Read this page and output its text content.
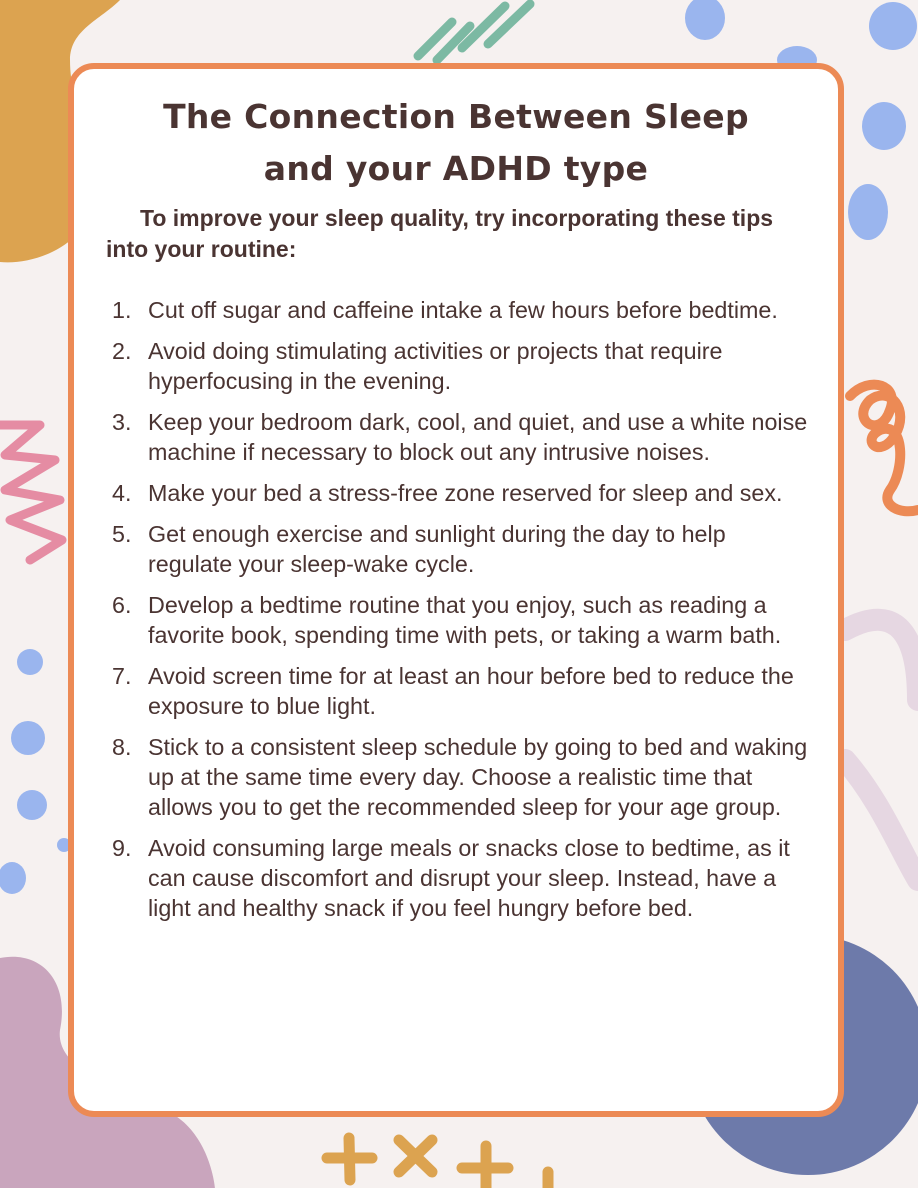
The Connection Between Sleep
and your ADHD type

To improve your sleep quality, try incorporating these tips into your routine:

1. Cut off sugar and caffeine intake a few hours before bedtime.
2. Avoid doing stimulating activities or projects that require hyperfocusing in the evening.
3. Keep your bedroom dark, cool, and quiet, and use a white noise machine if necessary to block out any intrusive noises.
4. Make your bed a stress-free zone reserved for sleep and sex.
5. Get enough exercise and sunlight during the day to help regulate your sleep-wake cycle.
6. Develop a bedtime routine that you enjoy, such as reading a favorite book, spending time with pets, or taking a warm bath.
7. Avoid screen time for at least an hour before bed to reduce the exposure to blue light.
8. Stick to a consistent sleep schedule by going to bed and waking up at the same time every day. Choose a realistic time that allows you to get the recommended sleep for your age group.
9. Avoid consuming large meals or snacks close to bedtime, as it can cause discomfort and disrupt your sleep. Instead, have a light and healthy snack if you feel hungry before bed.
